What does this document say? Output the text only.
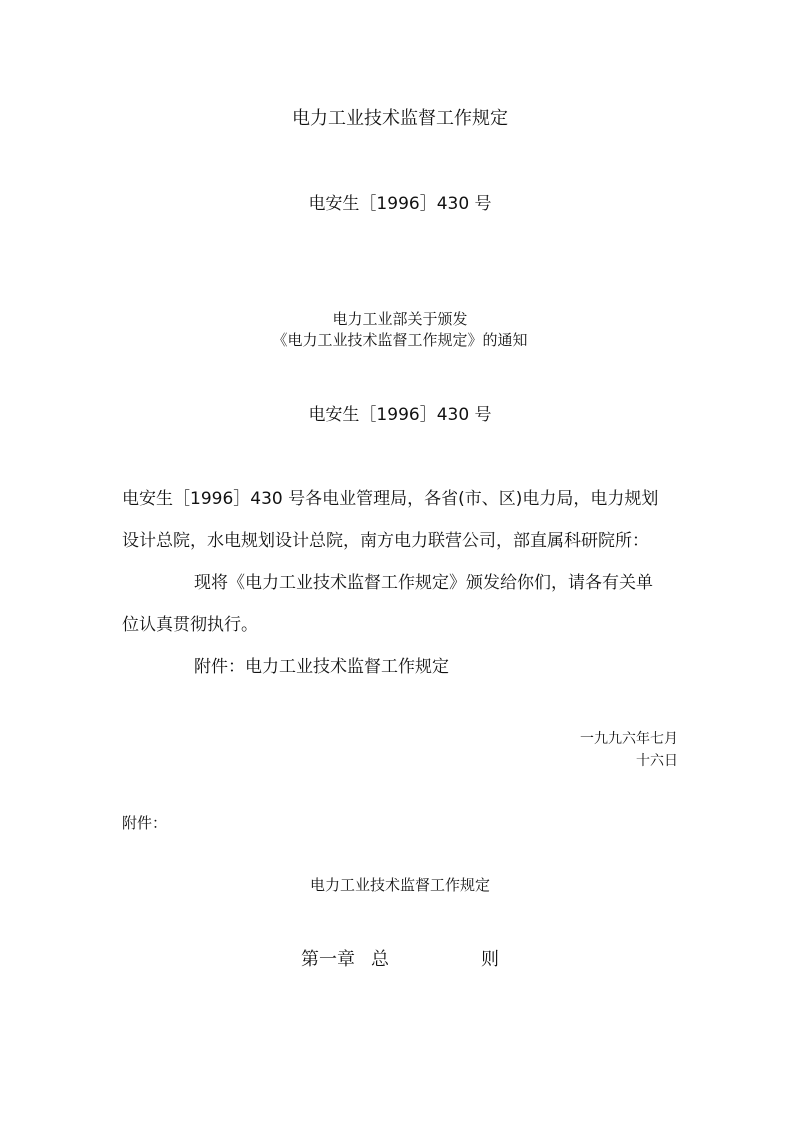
电力工业技术监督工作规定
电安生［1996］430 号
电力工业部关于颁发
《电力工业技术监督工作规定》的通知
电安生［1996］430 号
电安生［1996］430 号各电业管理局，各省(市、区)电力局，电力规划
设计总院，水电规划设计总院，南方电力联营公司，部直属科研院所：
现将《电力工业技术监督工作规定》颁发给你们，请各有关单
位认真贯彻执行。
附件：电力工业技术监督工作规定
一九九六年七月
十六日
附件：
电力工业技术监督工作规定
第一章 总	则
